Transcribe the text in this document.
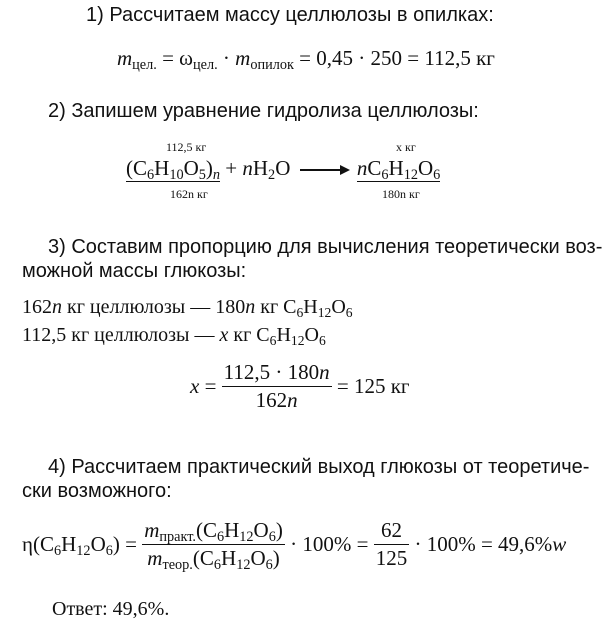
1) Рассчитаем массу целлюлозы в опилках:
$m_{цел.} = \omega_{цел.} \cdot m_{опилок} = 0,45 \cdot 250 = 112,5$ кг
2) Запишем уравнение гидролиза целлюлозы:
112,5 кг	x кг
$(C_6H_{10}O_5)_n + nH_2O \to nC_6H_{12}O_6$
162n кг	180n кг
3) Составим пропорцию для вычисления теоретически воз-
можной массы глюкозы:
162n кг целлюлозы — 180n кг $C_6H_{12}O_6$
112,5 кг целлюлозы — x кг $C_6H_{12}O_6$
$x = \frac{112,5 \cdot 180n}{162n} = 125$ кг
4) Рассчитаем практический выход глюкозы от теоретиче-
ски возможного:
$\eta(C_6H_{12}O_6) = \frac{m_{практ.}(C_6H_{12}O_6)}{m_{теор.}(C_6H_{12}O_6)} \cdot 100\% = \frac{62}{125} \cdot 100\% = 49,6\%w$
Ответ: 49,6%.
